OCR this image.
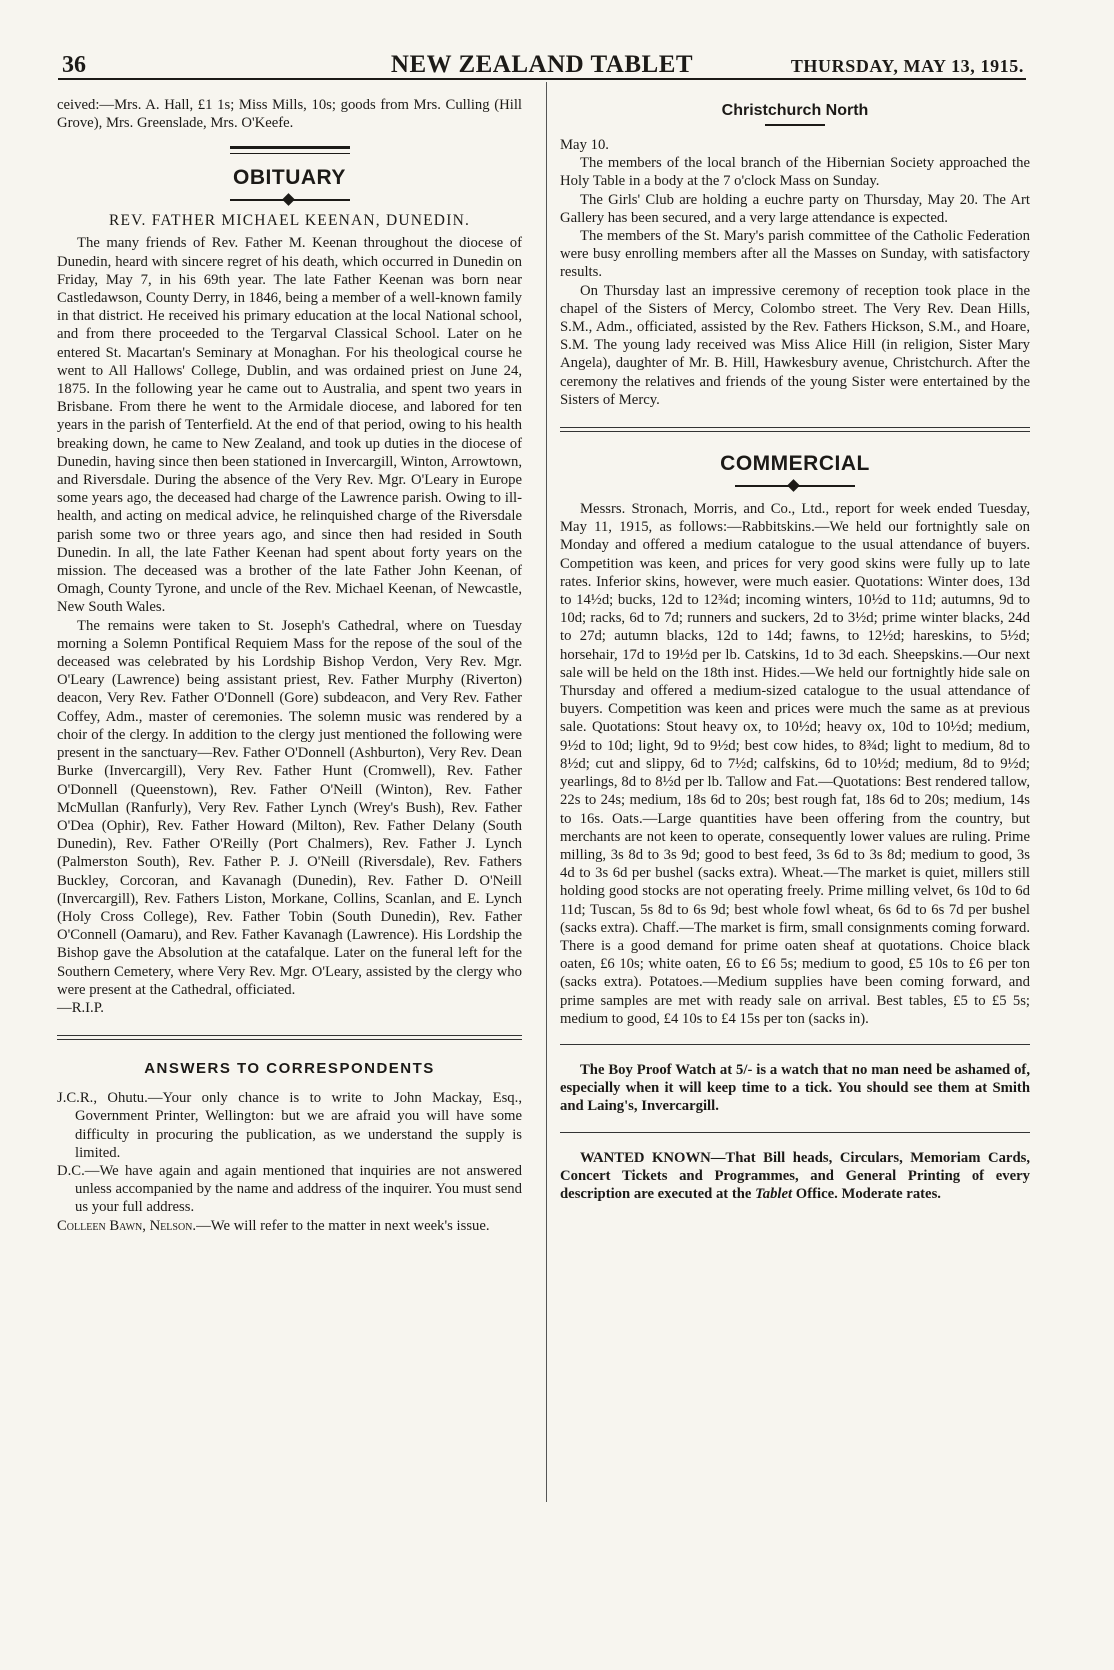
36	NEW ZEALAND TABLET	THURSDAY, MAY 13, 1915.

ceived:—Mrs. A. Hall, £1 1s; Miss Mills, 10s; goods from Mrs. Culling (Hill Grove), Mrs. Greenslade, Mrs. O'Keefe.

OBITUARY
REV. FATHER MICHAEL KEENAN, DUNEDIN.

The many friends of Rev. Father M. Keenan throughout the diocese of Dunedin, heard with sincere regret of his death, which occurred in Dunedin on Friday, May 7, in his 69th year. The late Father Keenan was born near Castledawson, County Derry, in 1846, being a member of a well-known family in that district. He received his primary education at the local National school, and from there proceeded to the Tergarval Classical School. Later on he entered St. Macartan's Seminary at Monaghan. For his theological course he went to All Hallows' College, Dublin, and was ordained priest on June 24, 1875. In the following year he came out to Australia, and spent two years in Brisbane. From there he went to the Armidale diocese, and labored for ten years in the parish of Tenterfield. At the end of that period, owing to his health breaking down, he came to New Zealand, and took up duties in the diocese of Dunedin, having since then been stationed in Invercargill, Winton, Arrowtown, and Riversdale. During the absence of the Very Rev. Mgr. O'Leary in Europe some years ago, the deceased had charge of the Lawrence parish. Owing to ill-health, and acting on medical advice, he relinquished charge of the Riversdale parish some two or three years ago, and since then had resided in South Dunedin. In all, the late Father Keenan had spent about forty years on the mission. The deceased was a brother of the late Father John Keenan, of Omagh, County Tyrone, and uncle of the Rev. Michael Keenan, of Newcastle, New South Wales.

The remains were taken to St. Joseph's Cathedral, where on Tuesday morning a Solemn Pontifical Requiem Mass for the repose of the soul of the deceased was celebrated by his Lordship Bishop Verdon, Very Rev. Mgr. O'Leary (Lawrence) being assistant priest, Rev. Father Murphy (Riverton) deacon, Very Rev. Father O'Donnell (Gore) subdeacon, and Very Rev. Father Coffey, Adm., master of ceremonies. The solemn music was rendered by a choir of the clergy. In addition to the clergy just mentioned the following were present in the sanctuary—Rev. Father O'Donnell (Ashburton), Very Rev. Dean Burke (Invercargill), Very Rev. Father Hunt (Cromwell), Rev. Father O'Donnell (Queenstown), Rev. Father O'Neill (Winton), Rev. Father McMullan (Ranfurly), Very Rev. Father Lynch (Wrey's Bush), Rev. Father O'Dea (Ophir), Rev. Father Howard (Milton), Rev. Father Delany (South Dunedin), Rev. Father O'Reilly (Port Chalmers), Rev. Father J. Lynch (Palmerston South), Rev. Father P. J. O'Neill (Riversdale), Rev. Fathers Buckley, Corcoran, and Kavanagh (Dunedin), Rev. Father D. O'Neill (Invercargill), Rev. Fathers Liston, Morkane, Collins, Scanlan, and E. Lynch (Holy Cross College), Rev. Father Tobin (South Dunedin), Rev. Father O'Connell (Oamaru), and Rev. Father Kavanagh (Lawrence). His Lordship the Bishop gave the Absolution at the catafalque. Later on the funeral left for the Southern Cemetery, where Very Rev. Mgr. O'Leary, assisted by the clergy who were present at the Cathedral, officiated.

—R.I.P.

ANSWERS TO CORRESPONDENTS

J.C.R., Ohutu.—Your only chance is to write to John Mackay, Esq., Government Printer, Wellington: but we are afraid you will have some difficulty in procuring the publication, as we understand the supply is limited.

D.C.—We have again and again mentioned that inquiries are not answered unless accompanied by the name and address of the inquirer. You must send us your full address.

Colleen Bawn, Nelson.—We will refer to the matter in next week's issue.

Christchurch North

May 10.

The members of the local branch of the Hibernian Society approached the Holy Table in a body at the 7 o'clock Mass on Sunday.

The Girls' Club are holding a euchre party on Thursday, May 20. The Art Gallery has been secured, and a very large attendance is expected.

The members of the St. Mary's parish committee of the Catholic Federation were busy enrolling members after all the Masses on Sunday, with satisfactory results.

On Thursday last an impressive ceremony of reception took place in the chapel of the Sisters of Mercy, Colombo street. The Very Rev. Dean Hills, S.M., Adm., officiated, assisted by the Rev. Fathers Hickson, S.M., and Hoare, S.M. The young lady received was Miss Alice Hill (in religion, Sister Mary Angela), daughter of Mr. B. Hill, Hawkesbury avenue, Christchurch. After the ceremony the relatives and friends of the young Sister were entertained by the Sisters of Mercy.

COMMERCIAL

Messrs. Stronach, Morris, and Co., Ltd., report for week ended Tuesday, May 11, 1915, as follows:—Rabbitskins.—We held our fortnightly sale on Monday and offered a medium catalogue to the usual attendance of buyers. Competition was keen, and prices for very good skins were fully up to late rates. Inferior skins, however, were much easier. Quotations: Winter does, 13d to 14½d; bucks, 12d to 12¾d; incoming winters, 10½d to 11d; autumns, 9d to 10d; racks, 6d to 7d; runners and suckers, 2d to 3½d; prime winter blacks, 24d to 27d; autumn blacks, 12d to 14d; fawns, to 12½d; hareskins, to 5½d; horsehair, 17d to 19½d per lb. Catskins, 1d to 3d each. Sheepskins.—Our next sale will be held on the 18th inst. Hides.—We held our fortnightly hide sale on Thursday and offered a medium-sized catalogue to the usual attendance of buyers. Competition was keen and prices were much the same as at previous sale. Quotations: Stout heavy ox, to 10½d; heavy ox, 10d to 10½d; medium, 9½d to 10d; light, 9d to 9½d; best cow hides, to 8¾d; light to medium, 8d to 8½d; cut and slippy, 6d to 7½d; calfskins, 6d to 10½d; medium, 8d to 9½d; yearlings, 8d to 8½d per lb. Tallow and Fat.—Quotations: Best rendered tallow, 22s to 24s; medium, 18s 6d to 20s; best rough fat, 18s 6d to 20s; medium, 14s to 16s. Oats.—Large quantities have been offering from the country, but merchants are not keen to operate, consequently lower values are ruling. Prime milling, 3s 8d to 3s 9d; good to best feed, 3s 6d to 3s 8d; medium to good, 3s 4d to 3s 6d per bushel (sacks extra). Wheat.—The market is quiet, millers still holding good stocks are not operating freely. Prime milling velvet, 6s 10d to 6d 11d; Tuscan, 5s 8d to 6s 9d; best whole fowl wheat, 6s 6d to 6s 7d per bushel (sacks extra). Chaff.—The market is firm, small consignments coming forward. There is a good demand for prime oaten sheaf at quotations. Choice black oaten, £6 10s; white oaten, £6 to £6 5s; medium to good, £5 10s to £6 per ton (sacks extra). Potatoes.—Medium supplies have been coming forward, and prime samples are met with ready sale on arrival. Best tables, £5 to £5 5s; medium to good, £4 10s to £4 15s per ton (sacks in).

The Boy Proof Watch at 5/- is a watch that no man need be ashamed of, especially when it will keep time to a tick. You should see them at Smith and Laing's, Invercargill.

WANTED KNOWN—That Bill heads, Circulars, Memoriam Cards, Concert Tickets and Programmes, and General Printing of every description are executed at the Tablet Office. Moderate rates.
